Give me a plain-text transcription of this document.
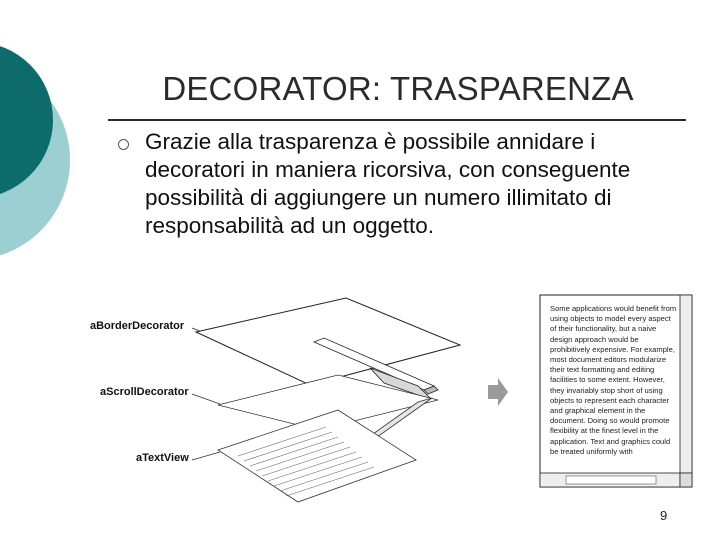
DECORATOR: TRASPARENZA
Grazie alla trasparenza è possibile annidare i decoratori in maniera ricorsiva, con conseguente possibilità di aggiungere un numero illimitato di responsabilità ad un oggetto.
aBorderDecorator
aScrollDecorator
aTextView
Some applications would benefit from using objects to model every aspect of their functionality, but a naive design approach would be prohibitively expensive. For example, most document editors modularize their text formatting and editing facilities to some extent. However, they invariably stop short of using objects to represent each character and graphical element in the document. Doing so would promote flexibility at the finest level in the application. Text and graphics could be treated uniformly with
9
